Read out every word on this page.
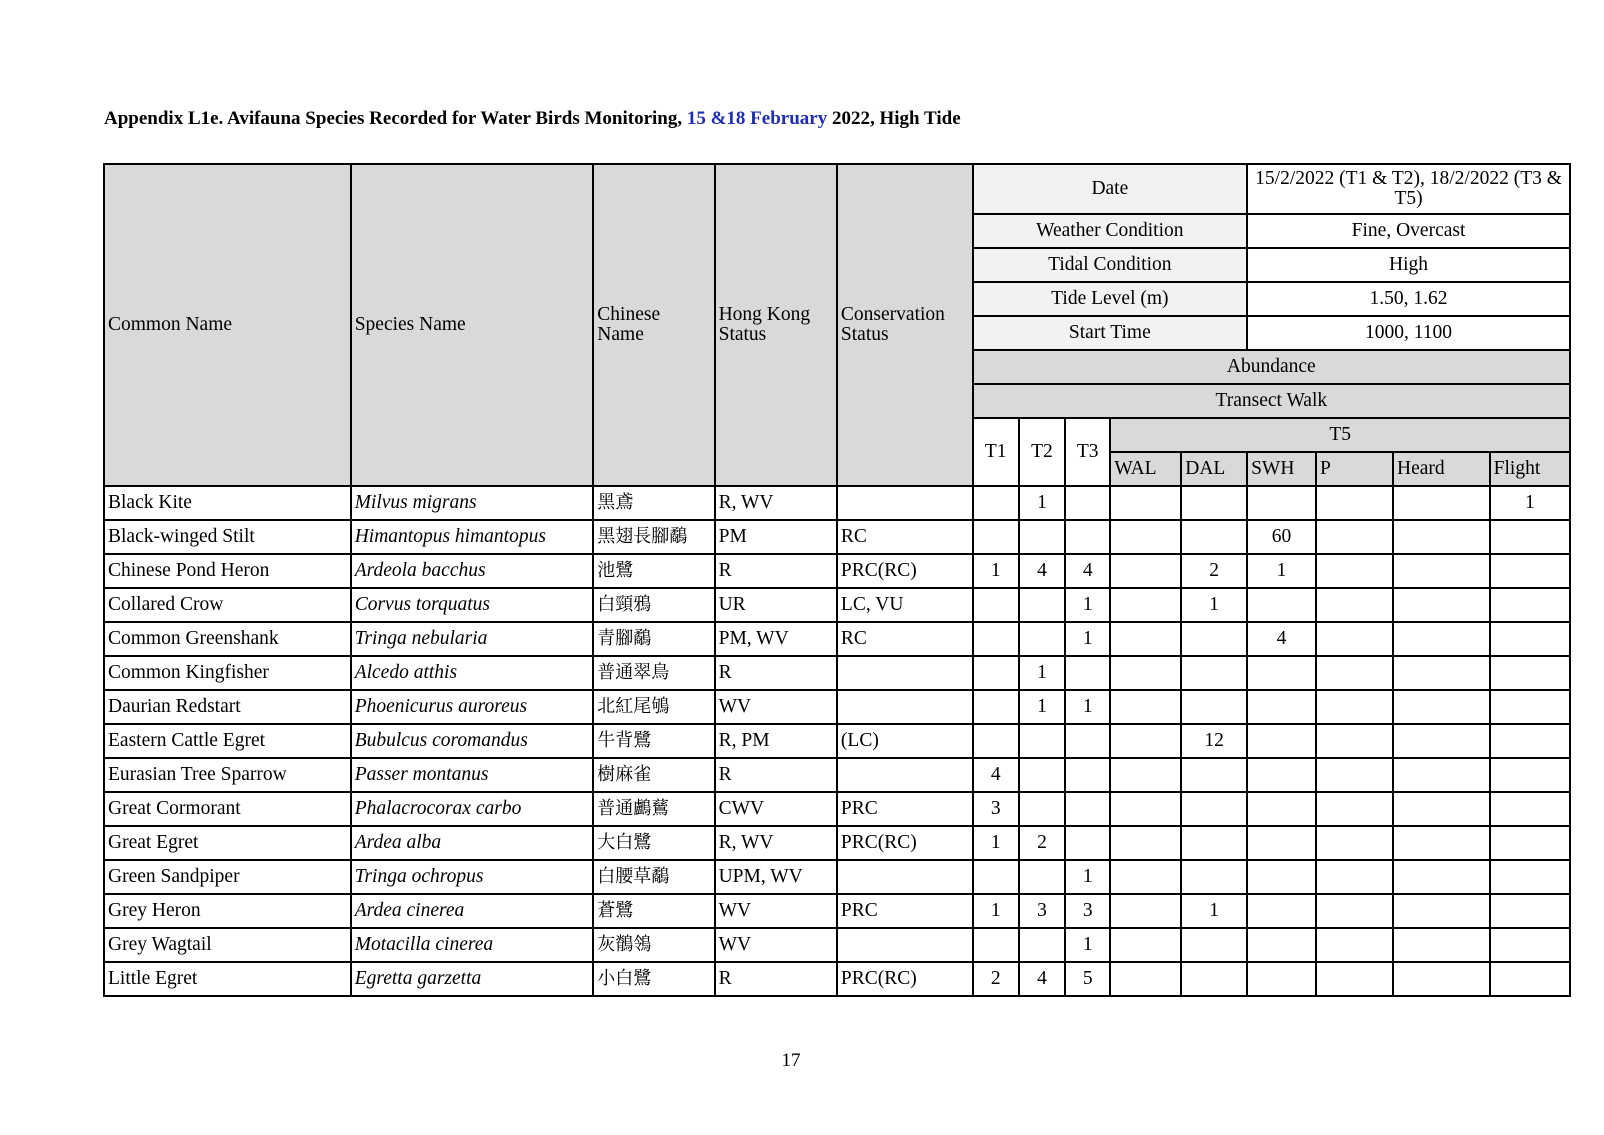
Appendix L1e. Avifauna Species Recorded for Water Birds Monitoring, 15 &18 February 2022, High Tide
Common Name	Species Name	Chinese Name	Hong Kong Status	Conservation Status	Date					15/2/2022 (T1 & T2), 18/2/2022 (T3 & T5)			
					Weather Condition					Fine, Overcast			
					Tidal Condition					High			
					Tide Level (m)					1.50, 1.62			
					Start Time					1000, 1100			
					Abundance								
					Transect Walk								
					T1	T2	T3	T5					
								WAL	DAL	SWH	P	Heard	Flight
Black Kite	Milvus migrans	黑鳶	R, WV			1							1
Black-winged Stilt	Himantopus himantopus	黑翅長腳鷸	PM	RC						60			
Chinese Pond Heron	Ardeola bacchus	池鷺	R	PRC(RC)	1	4	4		2	1			
Collared Crow	Corvus torquatus	白頸鴉	UR	LC, VU			1		1				
Common Greenshank	Tringa nebularia	青腳鷸	PM, WV	RC			1			4			
Common Kingfisher	Alcedo atthis	普通翠鳥	R			1							
Daurian Redstart	Phoenicurus auroreus	北紅尾鴝	WV			1	1						
Eastern Cattle Egret	Bubulcus coromandus	牛背鷺	R, PM	(LC)					12				
Eurasian Tree Sparrow	Passer montanus	樹麻雀	R		4								
Great Cormorant	Phalacrocorax carbo	普通鸕鶿	CWV	PRC	3								
Great Egret	Ardea alba	大白鷺	R, WV	PRC(RC)	1	2							
Green Sandpiper	Tringa ochropus	白腰草鷸	UPM, WV				1						
Grey Heron	Ardea cinerea	蒼鷺	WV	PRC	1	3	3		1				
Grey Wagtail	Motacilla cinerea	灰鶺鴒	WV				1						
Little Egret	Egretta garzetta	小白鷺	R	PRC(RC)	2	4	5						
17
